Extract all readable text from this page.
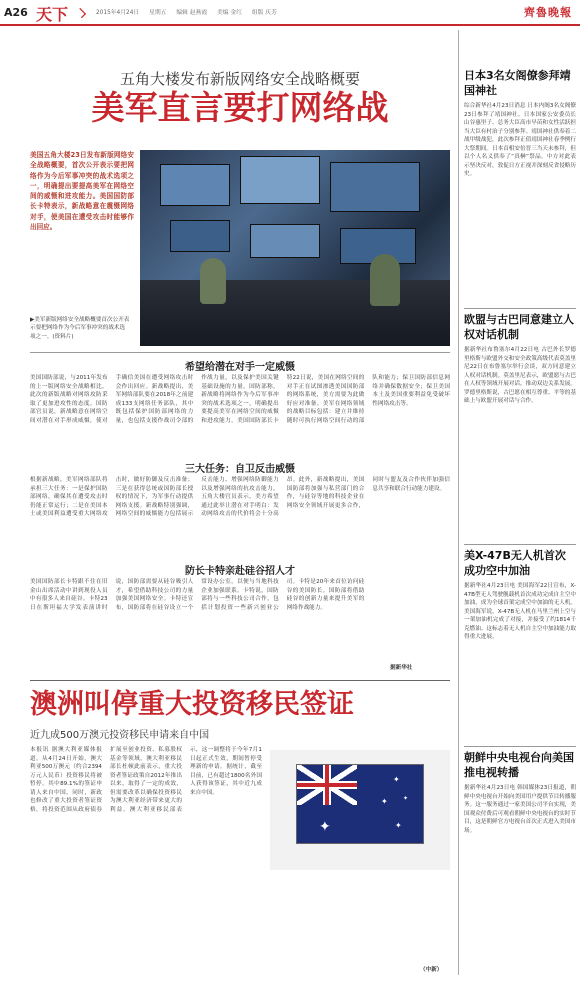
A26 天下	2015年4月24日 星期五 编辑 赵燕霞 美编 金红 组版 庆芳	齊魯晚報
五角大楼发布新版网络安全战略概要
美军直言要打网络战
美国五角大楼23日发布新版网络安全战略概要，首次公开表示要把网络作为今后军事冲突的战术选项之一，明确提出要提高美军在网络空间的威慑和进攻能力。美国国防部长卡特表示，新战略意在震慑网络对手，使美国在遭受攻击时能够作出回应。
▶美军新版网络安全战略概要首次公开表示要把网络作为今后军事冲突的战术选项之一。(资料片)
希望给潜在对手一定威慑
美国国防部说，与2011年发布的上一版网络安全战略相比，此次的新版战略对网络攻防采取了更加进攻性的态度。国防部官员说，新战略意在网络空间对潜在对手形成威慑，使对手确信美国在遭受网络攻击时会作出回应。新战略提出，美军网络部队要在2018年之前建成133支网络任务部队，其中既包括保护国防部网络的力量，也包括支援作战司令部的作战力量，以及保护美国关键基础设施的力量。国防部称，新战略将网络作为今后军事冲突的战术选项之一，明确提出要提高美军在网络空间的威慑和进攻能力。美国国防部长卡特22日说，美国在网络空间的对手正在试图渗透美国国防部的网络系统，美方需要为此做好应对准备。美军在网络领域的战略目标包括：建立并维持随时可执行网络空间行动的部队和能力；保卫国防部信息网络并确保数据安全；保卫美国本土及美国重要利益免受破坏性网络攻击等。
三大任务：自卫反击威慑
根据新战略，美军网络部队将承担三大任务：一是保护国防部网络，确保其在遭受攻击时仍能正常运行；二是在美国本土或美国利益遭受重大网络攻击时，做好防御及反击准备；三是在获得总统或国防部长授权的情况下，为军事行动提供网络支援。新战略特别强调，网络空间的威慑能力包括展示反击能力、增强网络防御能力以及增强网络的抗攻击能力。五角大楼官员表示，美方希望通过此举让潜在对手明白：发动网络攻击的代价将会十分高昂。此外，新战略提出，美国国防部将加强与私营部门的合作，与硅谷等地的科技企业在网络安全领域开展更多合作，同时与盟友及合作伙伴加强信息共享和联合行动能力建设。
防长卡特亲赴硅谷招人才
美国国防部长卡特跟不住在旧金山出席活动中讲到现役人员中有很多人来自硅谷。卡特23日在斯坦福大学发表演讲时说，国防部需要从硅谷吸引人才，希望借助科技公司的力量加强美国网络安全。卡特还宣布，国防部将在硅谷设立一个常设办公室，以便与当地科技企业加强联系。卡特说，国防部将与一些科技公司合作，包括计划投资一些新兴创业公司。卡特是20年来首位访问硅谷的美国防长。国防部将借助硅谷的创新力量来提升美军的网络作战能力。
据新华社
澳洲叫停重大投资移民签证
近九成500万澳元投资移民申请来自中国
本报讯 据澳大利亚媒体报道，从4月24日开始，澳大利亚500万澳元（约合2394万元人民币）投资移民将被暂停。其中89.1%的签证申请人来自中国。同时，新政也修改了重大投资者签证资格，将投资范围从政府债券扩展至创业投资、私募股权基金等领域。澳大利亚移民部长杜顿此前表示，重大投资者签证政策自2012年推出以来，取得了一定的成效，但需要改革以确保投资移民为澳大利亚经济带来更大的利益。澳大利亚移民部表示，这一调整将于今年7月1日起正式生效，期间暂停受理新的申请。据统计，截至目前，已有超过1800名外国人获得该签证，其中近九成来自中国。
✦
✦
✦	✦
✦
（中新）
日本3名女阁僚参拜靖国神社
综合新华社4月23日消息 日本内阁3名女阁僚23日参拜了靖国神社。日本国家公安委员长山谷惠里子、总务大臣高市早苗和女性活跃担当大臣有村治子分别参拜。靖国神社供奉着二战甲级战犯，此次参拜正值靖国神社春季例行大祭期间。日本首相安倍晋三当天未参拜，但以个人名义供奉了“真榊”祭品。中方对此表示坚决反对，敦促日方正视并深刻反省侵略历史。
欧盟与古巴同意建立人权对话机制
据新华社布鲁塞尔4月22日电 古巴外长罗德里格斯与欧盟外交和安全政策高级代表莫盖里尼22日在布鲁塞尔举行会谈，双方同意建立人权对话机制。莫盖里尼表示，欧盟愿与古巴在人权等领域开展对话，推动双边关系发展。罗德里格斯说，古巴愿在相互尊重、平等的基础上与欧盟开展对话与合作。
美X-47B无人机首次成功空中加油
据新华社4月23日电 美国海军22日宣布，X-47B型无人驾驶舰载机首次成功完成自主空中加油，成为全球首架完成空中加油的无人机。美国海军说，X-47B无人机在马里兰州上空与一架加油机完成了对接，并接受了约1814千克燃油。这标志着无人机自主空中加油能力取得重大进展。
朝鲜中央电视台向美国推电视转播
据新华社4月23日电 韩国媒体23日报道，朝鲜中央电视台开始向美国用户提供节目转播服务。这一服务通过一家美国公司平台实现，美国观众付费后可观看朝鲜中央电视台的实时节目，这是朝鲜官方电视台首次正式进入美国市场。
